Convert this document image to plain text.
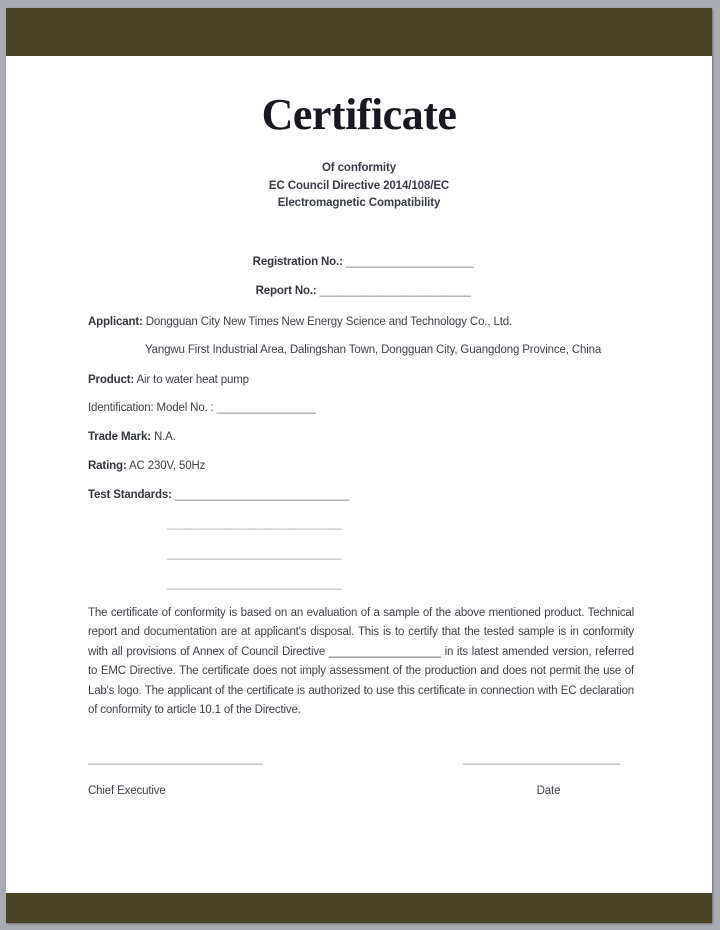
Certificate
Of conformity
EC Council Directive 2014/108/EC
Electromagnetic Compatibility
Registration No.: ______________________
Report No.: __________________________
Applicant: Dongguan City New Times New Energy Science and Technology Co., Ltd.
Yangwu First Industrial Area, Dalingshan Town, Dongguan City, Guangdong Province, China
Product: Air to water heat pump
Identification: Model No. : _________________
Trade Mark: N.A.
Rating: AC 230V, 50Hz
Test Standards: ______________________________
______________________________
______________________________
______________________________
The certificate of conformity is based on an evaluation of a sample of the above mentioned product. Technical report and documentation are at applicant's disposal. This is to certify that the tested sample is in conformity with all provisions of Annex of Council Directive __________________ in its latest amended version, referred to EMC Directive. The certificate does not imply assessment of the production and does not permit the use of Lab's logo. The applicant of the certificate is authorized to use this certificate in connection with EC declaration of conformity to article 10.1 of the Directive.
______________________________	___________________________
Chief Executive	Date
